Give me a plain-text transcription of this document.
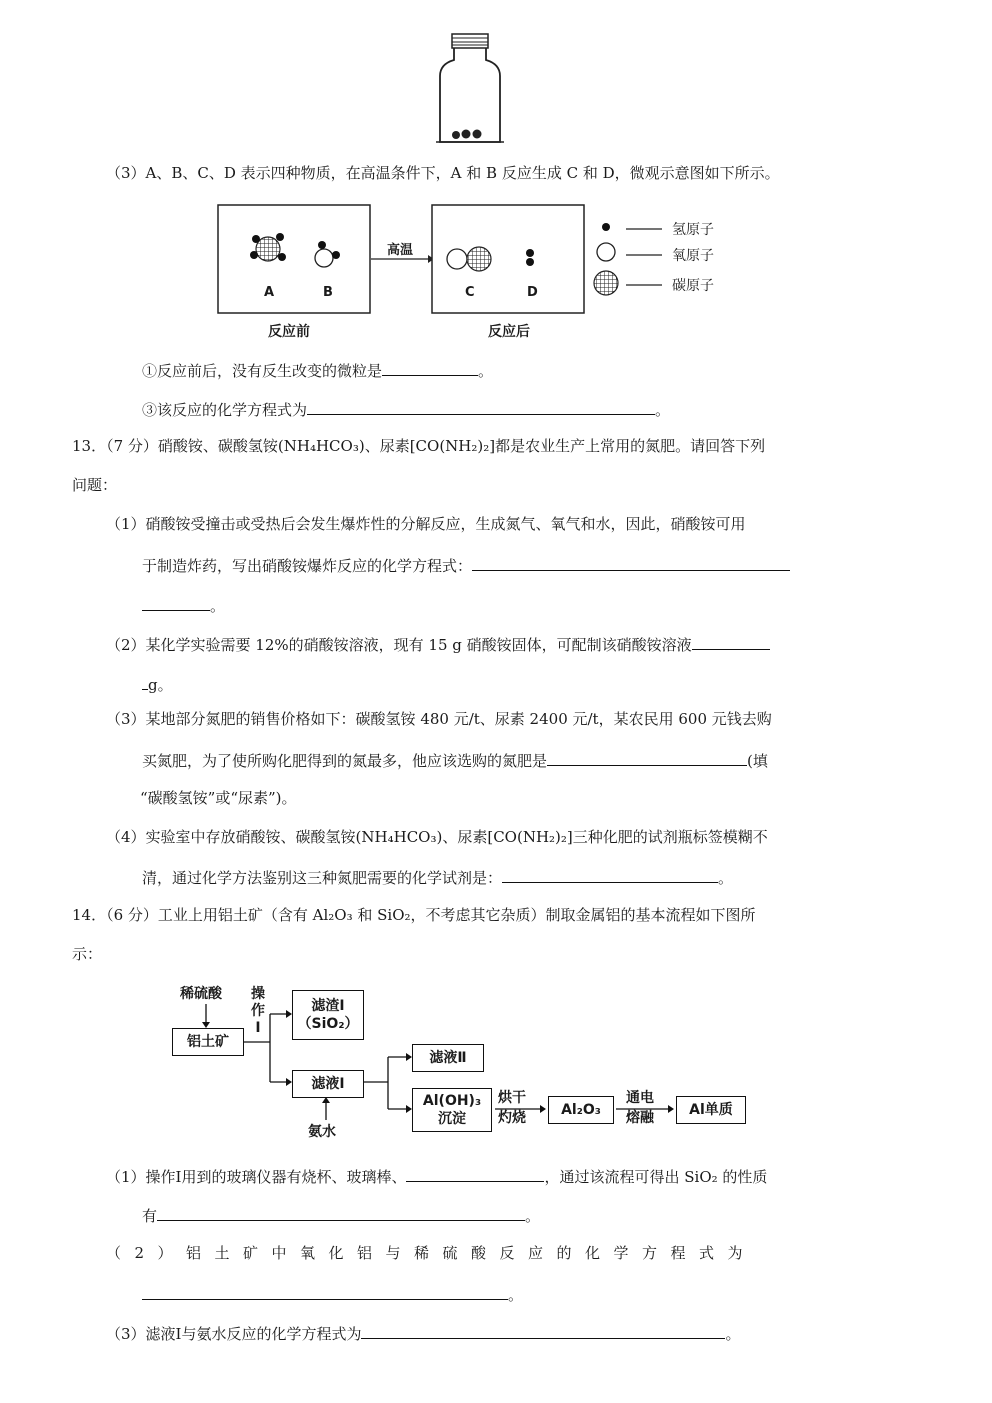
（3）A、B、C、D 表示四种物质，在高温条件下，A 和 B 反应生成 C 和 D，微观示意图如下所示。
高温
A	B	C	D
反应前	反应后
氢原子
氧原子
碳原子
①反应前后，没有反生改变的微粒是	。
③该反应的化学方程式为	。
13．（7 分）硝酸铵、碳酸氢铵(NH₄HCO₃)、尿素[CO(NH₂)₂]都是农业生产上常用的氮肥。请回答下列
问题：
（1）硝酸铵受撞击或受热后会发生爆炸性的分解反应，生成氮气、氧气和水，因此，硝酸铵可用
于制造炸药，写出硝酸铵爆炸反应的化学方程式：
。
（2）某化学实验需要 12%的硝酸铵溶液，现有 15 g 硝酸铵固体，可配制该硝酸铵溶液
g。
（3）某地部分氮肥的销售价格如下：碳酸氢铵 480 元/t、尿素 2400 元/t，某农民用 600 元钱去购
买氮肥，为了使所购化肥得到的氮最多，他应该选购的氮肥是	(填
“碳酸氢铵”或“尿素”)。
（4）实验室中存放硝酸铵、碳酸氢铵(NH₄HCO₃)、尿素[CO(NH₂)₂]三种化肥的试剂瓶标签模糊不
清，通过化学方法鉴别这三种氮肥需要的化学试剂是：	。
14．（6 分）工业上用铝土矿（含有 Al₂O₃ 和 SiO₂，不考虑其它杂质）制取金属铝的基本流程如下图所
示：
稀硫酸 操作Ⅰ
铝土矿
滤渣Ⅰ
（SiO₂）
滤液Ⅰ
氨水
滤液Ⅱ
Al(OH)₃
沉淀
烘干
灼烧	Al₂O₃
通电
熔融	Al单质
（1）操作Ⅰ用到的玻璃仪器有烧杯、玻璃棒、	，通过该流程可得出 SiO₂ 的性质
有	。
（2）铝土矿中氧化铝与稀硫酸反应的化学方程式为
。
（3）滤液Ⅰ与氨水反应的化学方程式为	。
